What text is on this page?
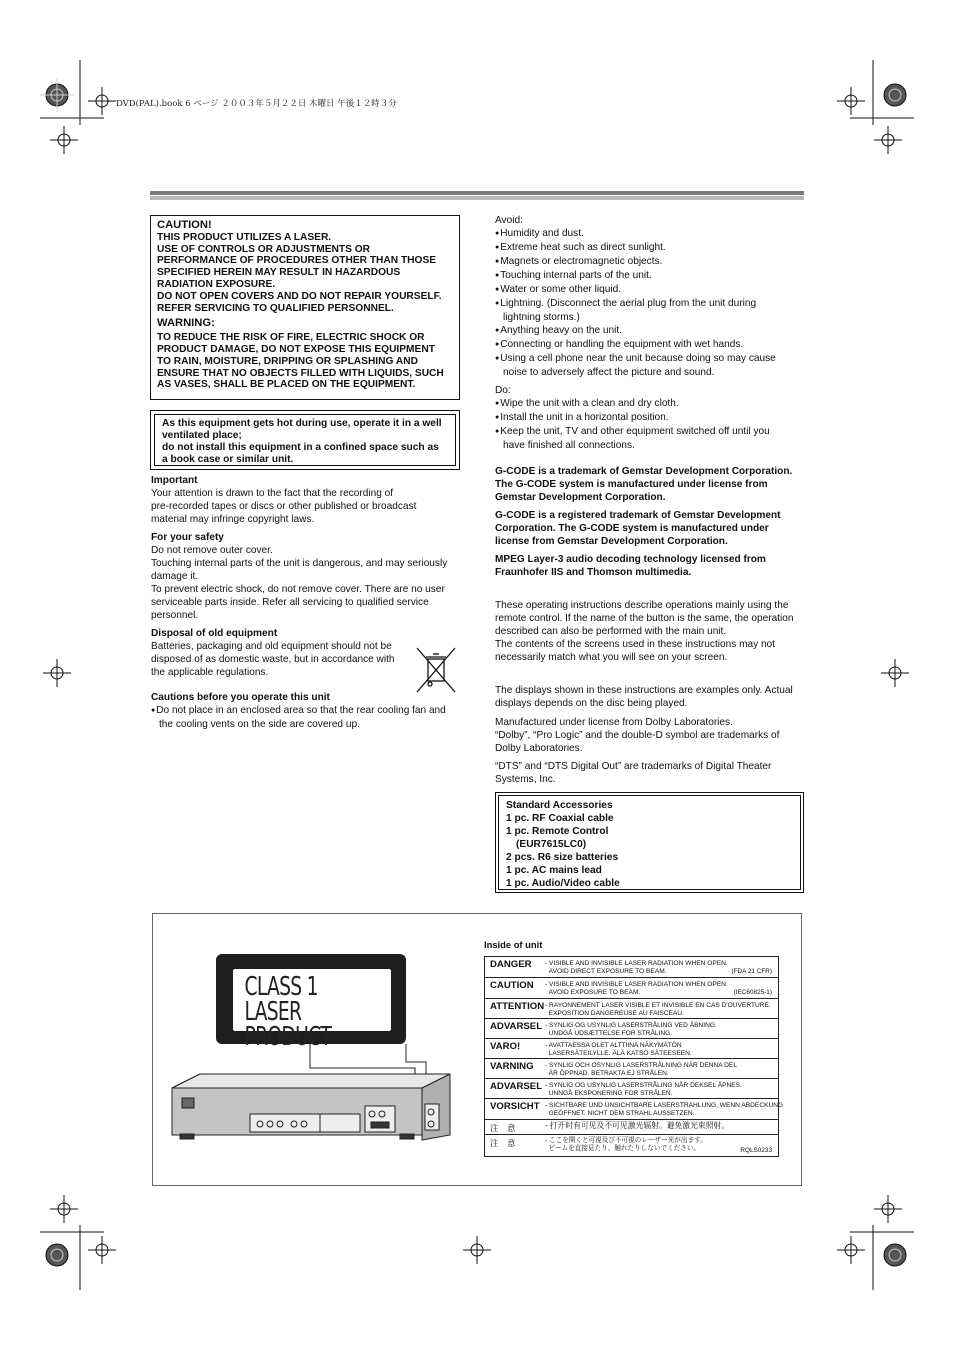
DVD(PAL).book 6 ページ ２００３年５月２２日 木曜日 午後１２時３分
CAUTION!
THIS PRODUCT UTILIZES A LASER.
USE OF CONTROLS OR ADJUSTMENTS OR
PERFORMANCE OF PROCEDURES OTHER THAN THOSE
SPECIFIED HEREIN MAY RESULT IN HAZARDOUS
RADIATION EXPOSURE.
DO NOT OPEN COVERS AND DO NOT REPAIR YOURSELF.
REFER SERVICING TO QUALIFIED PERSONNEL.
WARNING:
TO REDUCE THE RISK OF FIRE, ELECTRIC SHOCK OR
PRODUCT DAMAGE, DO NOT EXPOSE THIS EQUIPMENT
TO RAIN, MOISTURE, DRIPPING OR SPLASHING AND
ENSURE THAT NO OBJECTS FILLED WITH LIQUIDS, SUCH
AS VASES, SHALL BE PLACED ON THE EQUIPMENT.
As this equipment gets hot during use, operate it in a well
ventilated place;
do not install this equipment in a confined space such as
a book case or similar unit.

Important

Your attention is drawn to the fact that the recording of

pre-recorded tapes or discs or other published or broadcast

material may infringe copyright laws.

For your safety

Do not remove outer cover.

Touching internal parts of the unit is dangerous, and may seriously

damage it.

To prevent electric shock, do not remove cover. There are no user

serviceable parts inside. Refer all servicing to qualified service

personnel.

Disposal of old equipment

Batteries, packaging and old equipment should not be

disposed of as domestic waste, but in accordance with

the applicable regulations.

Cautions before you operate this unit

● Do not place in an enclosed area so that the rear cooling fan and

the cooling vents on the side are covered up.

Avoid:

● Humidity and dust.

● Extreme heat such as direct sunlight.

● Magnets or electromagnetic objects.

● Touching internal parts of the unit.

● Water or some other liquid.

● Lightning. (Disconnect the aerial plug from the unit during

lightning storms.)

● Anything heavy on the unit.

● Connecting or handling the equipment with wet hands.

● Using a cell phone near the unit because doing so may cause

noise to adversely affect the picture and sound.

Do:

● Wipe the unit with a clean and dry cloth.

● Install the unit in a horizontal position.

● Keep the unit, TV and other equipment switched off until you

have finished all connections.

G-CODE is a trademark of Gemstar Development Corporation.

The G-CODE system is manufactured under license from

Gemstar Development Corporation.

G-CODE is a registered trademark of Gemstar Development

Corporation. The G-CODE system is manufactured under

license from Gemstar Development Corporation.

MPEG Layer-3 audio decoding technology licensed from

Fraunhofer IIS and Thomson multimedia.

These operating instructions describe operations mainly using the

remote control. If the name of the button is the same, the operation

described can also be performed with the main unit.

The contents of the screens used in these instructions may not

necessarily match what you will see on your screen.

The displays shown in these instructions are examples only. Actual

displays depends on the disc being played.

Manufactured under license from Dolby Laboratories.

“Dolby”, “Pro Logic” and the double-D symbol are trademarks of

Dolby Laboratories.

“DTS” and “DTS Digital Out” are trademarks of Digital Theater

Systems, Inc.

Standard Accessories
1 pc. RF Coaxial cable
1 pc. Remote Control
(EUR7615LC0)
2 pcs. R6 size batteries
1 pc. AC mains lead
1 pc. Audio/Video cable
CLASS 1
LASER PRODUCT
Inside of unit
DANGER - VISIBLE AND INVISIBLE LASER RADIATION WHEN OPEN.
AVOID DIRECT EXPOSURE TO BEAM.	(FDA 21 CFR)
CAUTION - VISIBLE AND INVISIBLE LASER RADIATION WHEN OPEN.
AVOID EXPOSURE TO BEAM.	(IEC60825-1)
ATTENTION - RAYONNEMENT LASER VISIBLE ET INVISIBLE EN CAS D'OUVERTURE.
EXPOSITION DANGEREUSE AU FAISCEAU.
ADVARSEL - SYNLIG OG USYNLIG LASERSTRÅLING VED ÅBNING.
UNDGÅ UDSÆTTELSE FOR STRÅLING.
VARO!	- AVATTAESSA OLET ALTTIINA NÄKYMÄTÖN
LASERSÄTEILYLLE. ÄLÄ KATSO SÄTEESEEN.
VARNING - SYNLIG OCH OSYNLIG LASERSTRÅLNING NÄR DENNA DEL
ÄR ÖPPNAD. BETRAKTA EJ STRÅLEN.
ADVARSEL - SYNLIG OG USYNLIG LASERSTRÅLING NÅR DEKSEL ÅPNES.
UNNGÅ EKSPONERING FOR STRÅLEN.
VORSICHT - SICHTBARE UND UNSICHTBARE LASERSTRAHLUNG, WENN ABDECKUNG
GEÖFFNET. NICHT DEM STRAHL AUSSETZEN.
注　意	- 打开时有可见及不可见激光辐射。避免激光束照射。
注　意	- ここを開くと可視及び不可視のレーザー光が出ます。
ビームを直接見たり、触れたりしないでください。	RQLS0233
